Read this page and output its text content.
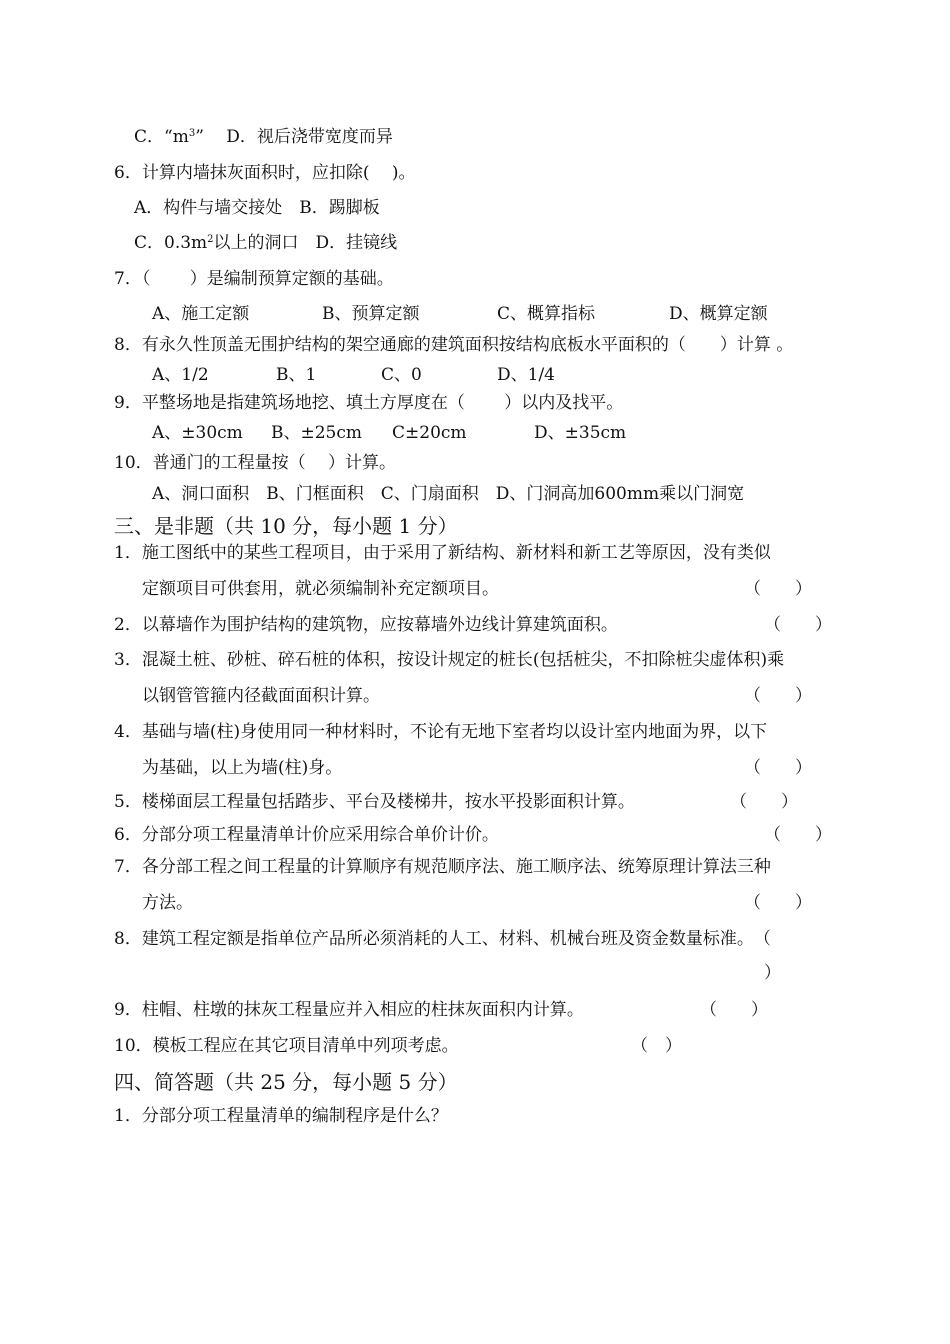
C．“$m^3$”　 D．视后浇带宽度而异
6．计算内墙抹灰面积时，应扣除(　 )。
A．构件与墙交接处　B．踢脚板
C．$0.3m^2$以上的洞口　D．挂镜线
7．（　　 ）是编制预算定额的基础。
A、施工定额	B、预算定额	C、概算指标	D、概算定额
8．有永久性顶盖无围护结构的架空通廊的建筑面积按结构底板水平面积的（　　）计算 。
A、1/2	B、1	C、0	D、1/4
9．平整场地是指建筑场地挖、填土方厚度在（　　 ）以内及找平。
A、±30cm B、±25cm C±20cm	D、±35cm
10．普通门的工程量按（　 ）计算。
A、洞口面积　B、门框面积　C、门扇面积　D、门洞高加600mm乘以门洞宽
三、是非题（共 10 分，每小题 1 分）
1．施工图纸中的某些工程项目，由于采用了新结构、新材料和新工艺等原因，没有类似
定额项目可供套用，就必须编制补充定额项目。	（　　）
2．以幕墙作为围护结构的建筑物，应按幕墙外边线计算建筑面积。	（　　）
3．混凝土桩、砂桩、碎石桩的体积，按设计规定的桩长(包括桩尖，不扣除桩尖虚体积)乘
以钢管管箍内径截面面积计算。	（　　）
4．基础与墙(柱)身使用同一种材料时，不论有无地下室者均以设计室内地面为界，以下
为基础，以上为墙(柱)身。	（　　）
5．楼梯面层工程量包括踏步、平台及楼梯井，按水平投影面积计算。	（　　）
6．分部分项工程量清单计价应采用综合单价计价。	（　　）
7．各分部工程之间工程量的计算顺序有规范顺序法、施工顺序法、统筹原理计算法三种
方法。	（　　）
8．建筑工程定额是指单位产品所必须消耗的人工、材料、机械台班及资金数量标准。　（
）
9．柱帽、柱墩的抹灰工程量应并入相应的柱抹灰面积内计算。	（　　）
10．模板工程应在其它项目清单中列项考虑。	（　）
四、简答题（共 25 分，每小题 5 分）
1．分部分项工程量清单的编制程序是什么？
